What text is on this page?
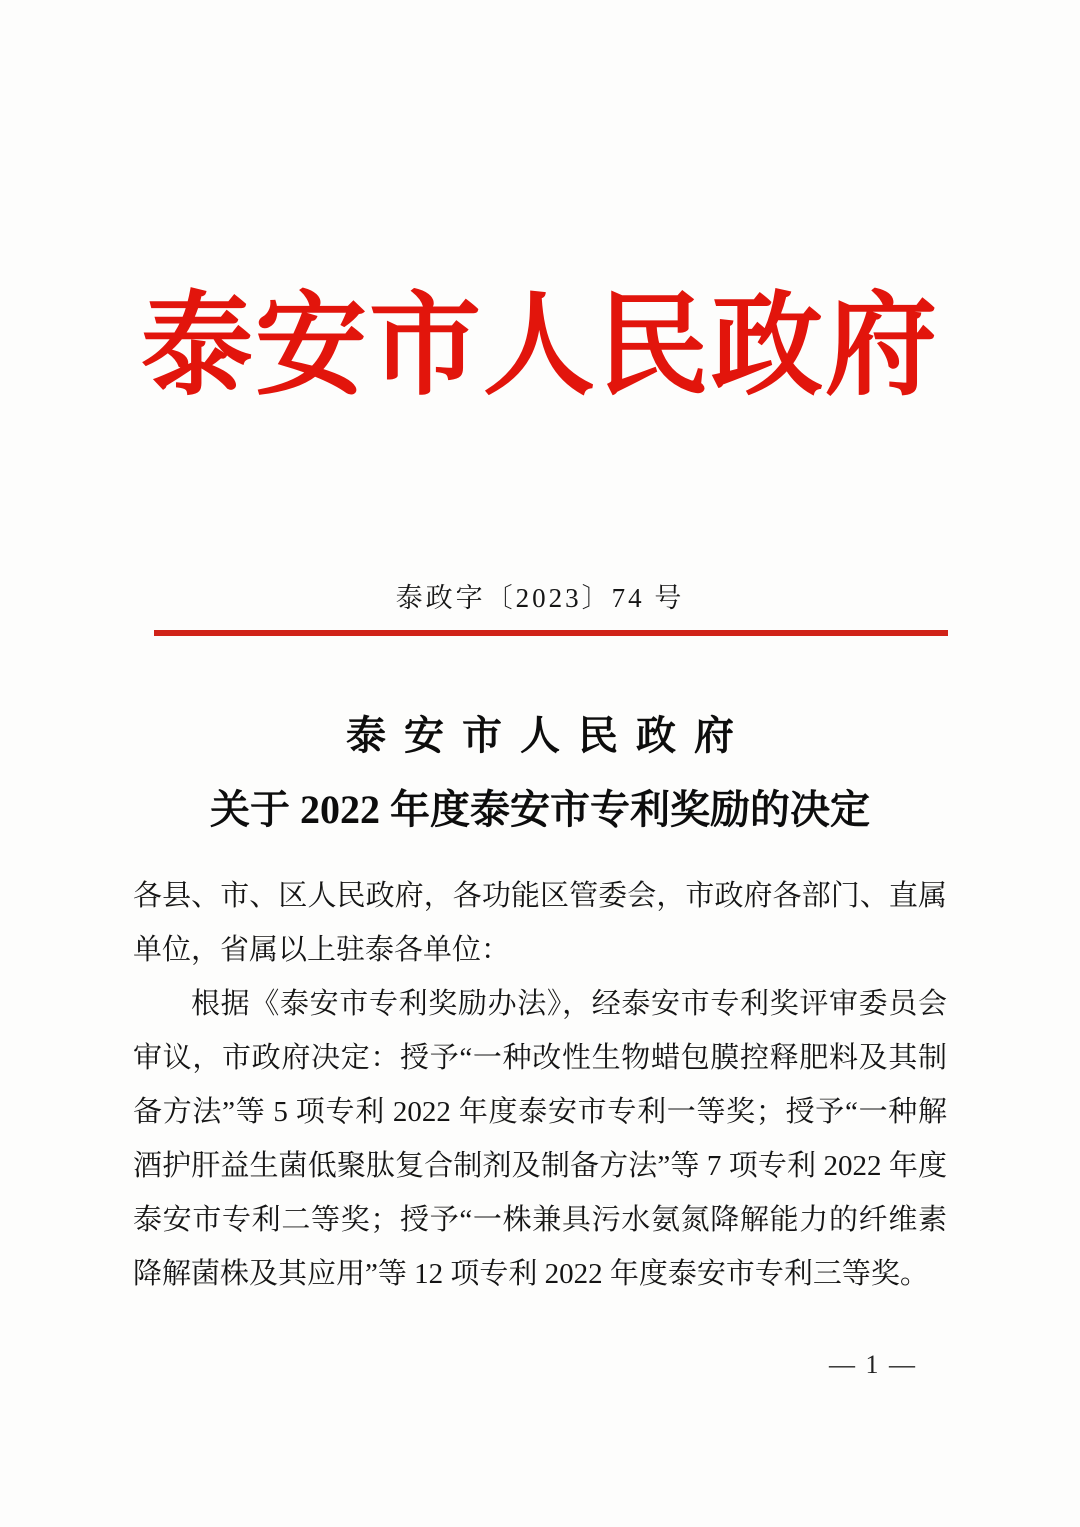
泰安市人民政府
泰政字〔2023〕74 号
泰安市人民政府
关于 2022 年度泰安市专利奖励的决定

各县、市、区人民政府，各功能区管委会，市政府各部门、直属单位，省属以上驻泰各单位：

根据《泰安市专利奖励办法》，经泰安市专利奖评审委员会审议，市政府决定：授予“一种改性生物蜡包膜控释肥料及其制备方法”等 5 项专利 2022 年度泰安市专利一等奖；授予“一种解酒护肝益生菌低聚肽复合制剂及制备方法”等 7 项专利 2022 年度泰安市专利二等奖；授予“一株兼具污水氨氮降解能力的纤维素降解菌株及其应用”等 12 项专利 2022 年度泰安市专利三等奖。

— 1 —
